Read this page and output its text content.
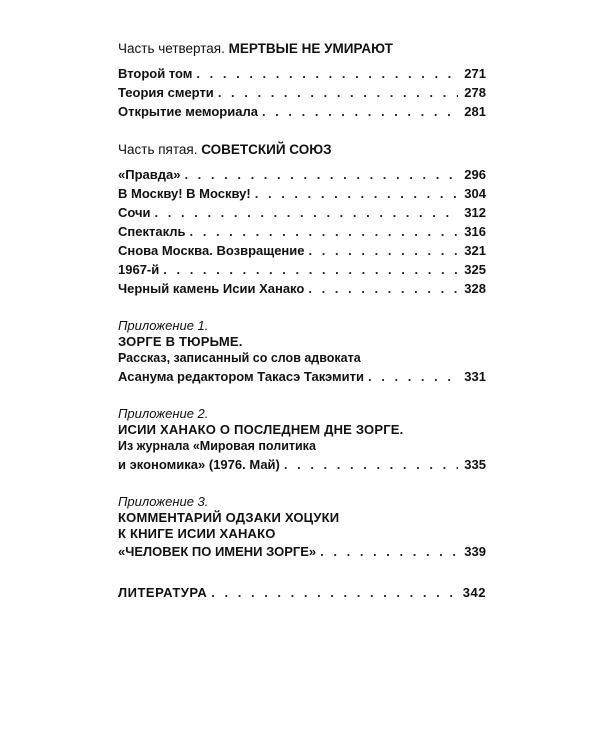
Часть четвертая. МЕРТВЫЕ НЕ УМИРАЮТ
Второй том . . .	271
Теория смерти . . .	278
Открытие мемориала . . .	281
Часть пятая. СОВЕТСКИЙ СОЮЗ
«Правда» . . .	296
В Москву! В Москву! . . .	304
Сочи . . .	312
Спектакль . . .	316
Снова Москва. Возвращение . . .	321
1967-й . . .	325
Черный камень Исии Ханако . . .	328
Приложение 1.
ЗОРГЕ В ТЮРЬМЕ.
Рассказ, записанный со слов адвоката
Асанума редактором Такасэ Такэмити . . .	331
Приложение 2.
ИСИИ ХАНАКО О ПОСЛЕДНЕМ ДНЕ ЗОРГЕ.
Из журнала «Мировая политика
и экономика» (1976. Май) . . .	335
Приложение 3.
КОММЕНТАРИЙ ОДЗАКИ ХОЦУКИ
К КНИГЕ ИСИИ ХАНАКО
«ЧЕЛОВЕК ПО ИМЕНИ ЗОРГЕ» . . .	339
ЛИТЕРАТУРА . . .	342
